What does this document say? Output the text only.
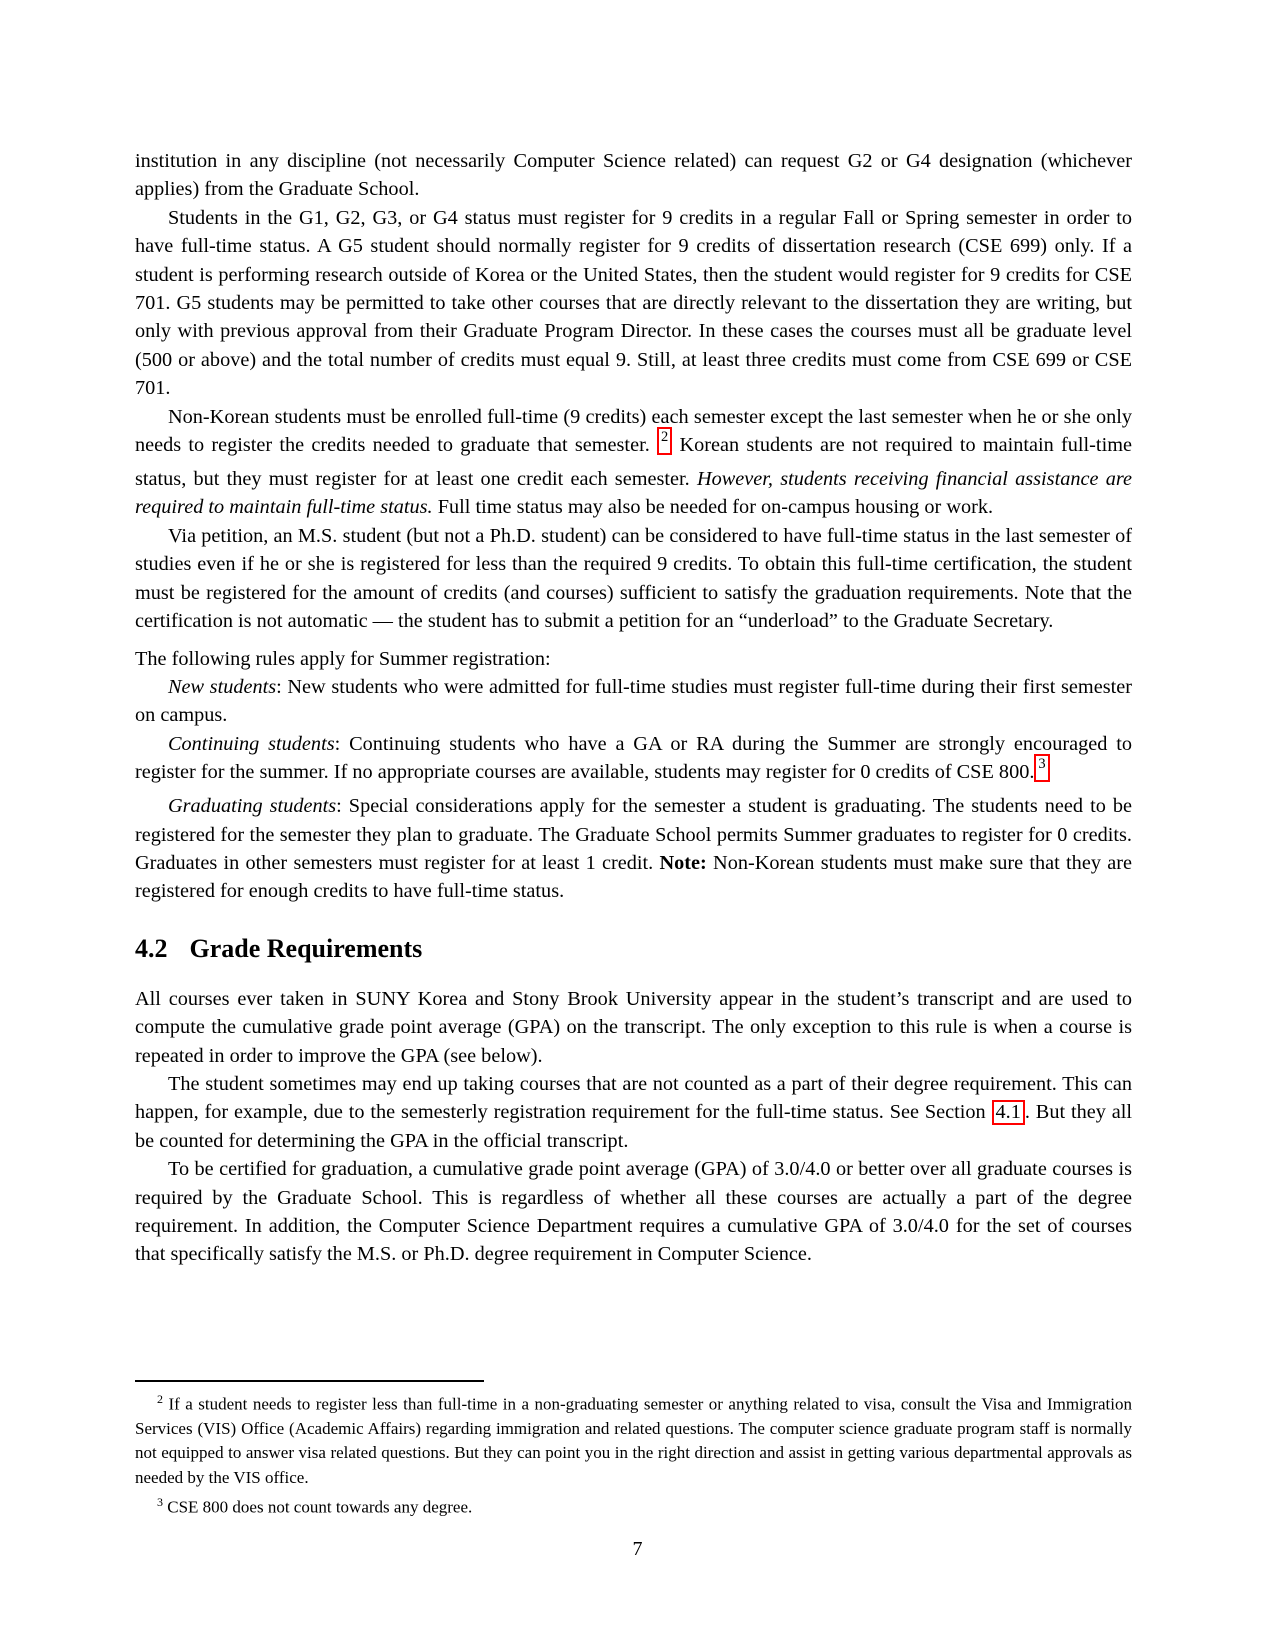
institution in any discipline (not necessarily Computer Science related) can request G2 or G4 designation (whichever applies) from the Graduate School.

Students in the G1, G2, G3, or G4 status must register for 9 credits in a regular Fall or Spring semester in order to have full-time status. A G5 student should normally register for 9 credits of dissertation research (CSE 699) only. If a student is performing research outside of Korea or the United States, then the student would register for 9 credits for CSE 701. G5 students may be permitted to take other courses that are directly relevant to the dissertation they are writing, but only with previous approval from their Graduate Program Director. In these cases the courses must all be graduate level (500 or above) and the total number of credits must equal 9. Still, at least three credits must come from CSE 699 or CSE 701.

Non-Korean students must be enrolled full-time (9 credits) each semester except the last semester when he or she only needs to register the credits needed to graduate that semester. 2 Korean students are not required to maintain full-time status, but they must register for at least one credit each semester. However, students receiving financial assistance are required to maintain full-time status. Full time status may also be needed for on-campus housing or work.

Via petition, an M.S. student (but not a Ph.D. student) can be considered to have full-time status in the last semester of studies even if he or she is registered for less than the required 9 credits. To obtain this full-time certification, the student must be registered for the amount of credits (and courses) sufficient to satisfy the graduation requirements. Note that the certification is not automatic — the student has to submit a petition for an “underload” to the Graduate Secretary.

The following rules apply for Summer registration:

New students: New students who were admitted for full-time studies must register full-time during their first semester on campus.

Continuing students: Continuing students who have a GA or RA during the Summer are strongly encouraged to register for the summer. If no appropriate courses are available, students may register for 0 credits of CSE 800. 3

Graduating students: Special considerations apply for the semester a student is graduating. The students need to be registered for the semester they plan to graduate. The Graduate School permits Summer graduates to register for 0 credits. Graduates in other semesters must register for at least 1 credit. Note: Non-Korean students must make sure that they are registered for enough credits to have full-time status.

4.2 Grade Requirements

All courses ever taken in SUNY Korea and Stony Brook University appear in the student’s transcript and are used to compute the cumulative grade point average (GPA) on the transcript. The only exception to this rule is when a course is repeated in order to improve the GPA (see below).

The student sometimes may end up taking courses that are not counted as a part of their degree requirement. This can happen, for example, due to the semesterly registration requirement for the full-time status. See Section 4.1 . But they all be counted for determining the GPA in the official transcript.

To be certified for graduation, a cumulative grade point average (GPA) of 3.0/4.0 or better over all graduate courses is required by the Graduate School. This is regardless of whether all these courses are actually a part of the degree requirement. In addition, the Computer Science Department requires a cumulative GPA of 3.0/4.0 for the set of courses that specifically satisfy the M.S. or Ph.D. degree requirement in Computer Science.

$^2$ If a student needs to register less than full-time in a non-graduating semester or anything related to visa, consult the Visa and Immigration Services (VIS) Office (Academic Affairs) regarding immigration and related questions. The computer science graduate program staff is normally not equipped to answer visa related questions. But they can point you in the right direction and assist in getting various departmental approvals as needed by the VIS office.
$^3$ CSE 800 does not count towards any degree.
7
